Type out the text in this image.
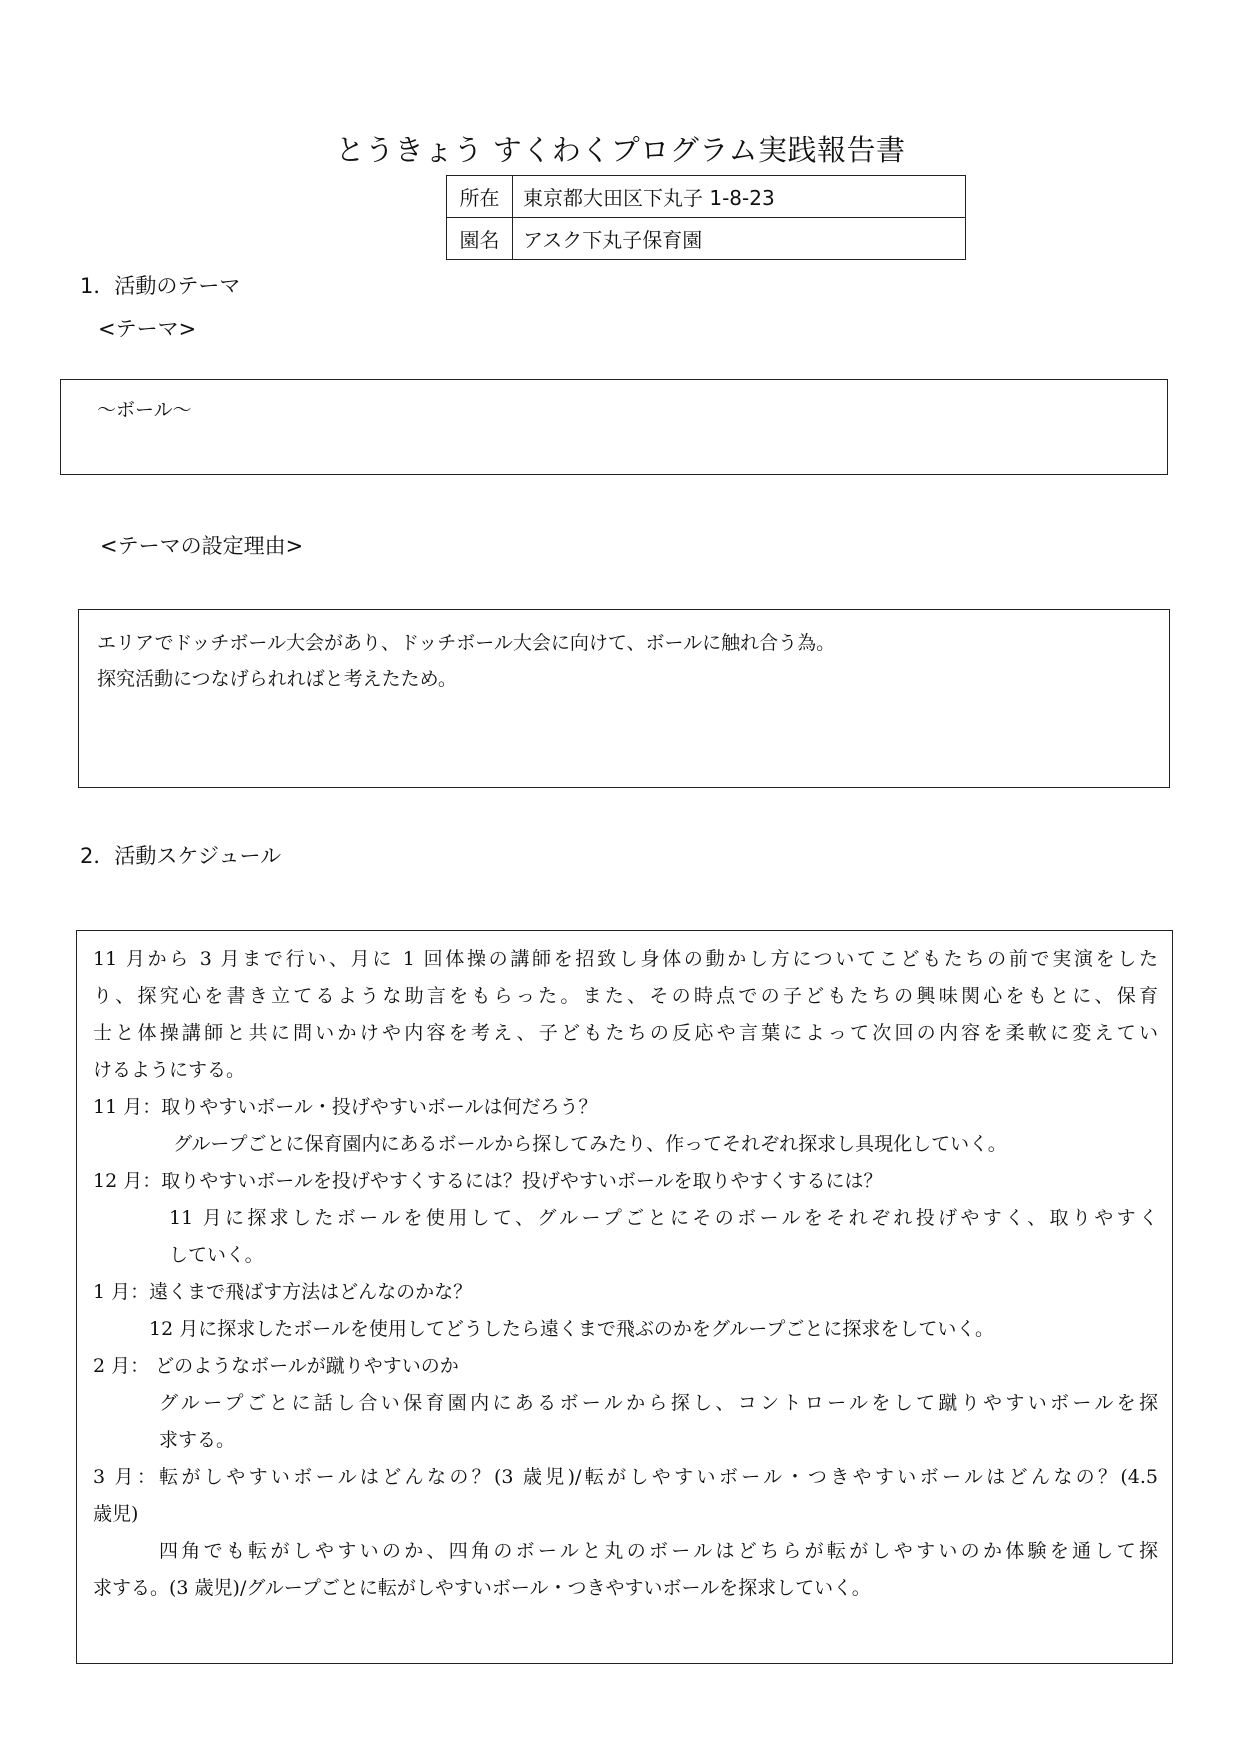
とうきょう すくわくプログラム実践報告書
所在	東京都大田区下丸子 1-8-23
園名	アスク下丸子保育園
1．活動のテーマ
<テーマ>
～ボール～
<テーマの設定理由>
エリアでドッチボール大会があり、ドッチボール大会に向けて、ボールに触れ合う為。
探究活動につなげられればと考えたため。
2．活動スケジュール
11 月から 3 月まで行い、月に 1 回体操の講師を招致し身体の動かし方についてこどもたちの前で実演をした
り、探究心を書き立てるような助言をもらった。また、その時点での子どもたちの興味関心をもとに、保育
士と体操講師と共に問いかけや内容を考え、子どもたちの反応や言葉によって次回の内容を柔軟に変えてい
けるようにする。
11 月：取りやすいボール・投げやすいボールは何だろう？
グループごとに保育園内にあるボールから探してみたり、作ってそれぞれ探求し具現化していく。
12 月：取りやすいボールを投げやすくするには？投げやすいボールを取りやすくするには？
11 月に探求したボールを使用して、グループごとにそのボールをそれぞれ投げやすく、取りやすく
していく。
1 月：遠くまで飛ばす方法はどんなのかな？
12 月に探求したボールを使用してどうしたら遠くまで飛ぶのかをグループごとに探求をしていく。
2 月： どのようなボールが蹴りやすいのか
グループごとに話し合い保育園内にあるボールから探し、コントロールをして蹴りやすいボールを探
求する。
3 月：転がしやすいボールはどんなの？(3 歳児)/転がしやすいボール・つきやすいボールはどんなの？(4.5
歳児)
四角でも転がしやすいのか、四角のボールと丸のボールはどちらが転がしやすいのか体験を通して探
求する。(3 歳児)/グループごとに転がしやすいボール・つきやすいボールを探求していく。
